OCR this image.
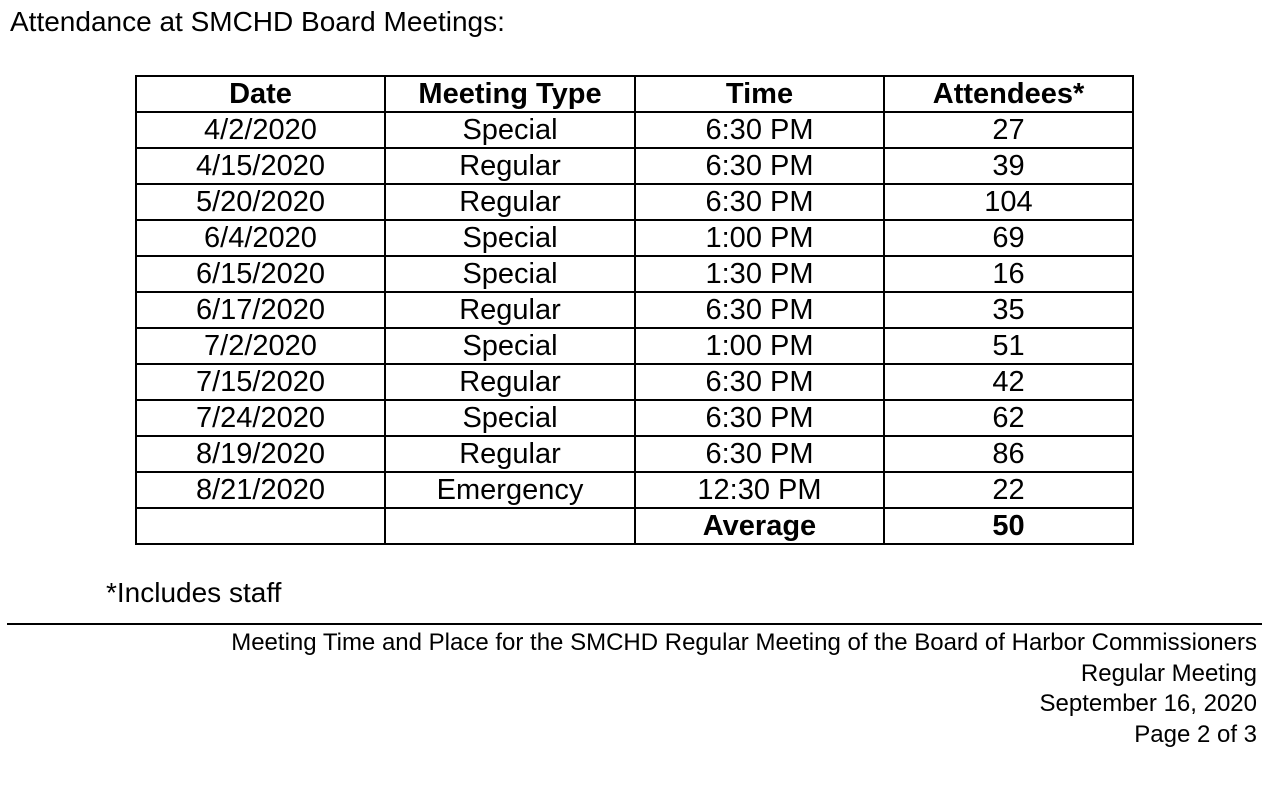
Attendance at SMCHD Board Meetings:
Date	Meeting Type	Time	Attendees*
4/2/2020	Special	6:30 PM	27
4/15/2020	Regular	6:30 PM	39
5/20/2020	Regular	6:30 PM	104
6/4/2020	Special	1:00 PM	69
6/15/2020	Special	1:30 PM	16
6/17/2020	Regular	6:30 PM	35
7/2/2020	Special	1:00 PM	51
7/15/2020	Regular	6:30 PM	42
7/24/2020	Special	6:30 PM	62
8/19/2020	Regular	6:30 PM	86
8/21/2020	Emergency	12:30 PM	22
		Average	50
*Includes staff
Meeting Time and Place for the SMCHD Regular Meeting of the Board of Harbor Commissioners
Regular Meeting
September 16, 2020
Page 2 of 3
